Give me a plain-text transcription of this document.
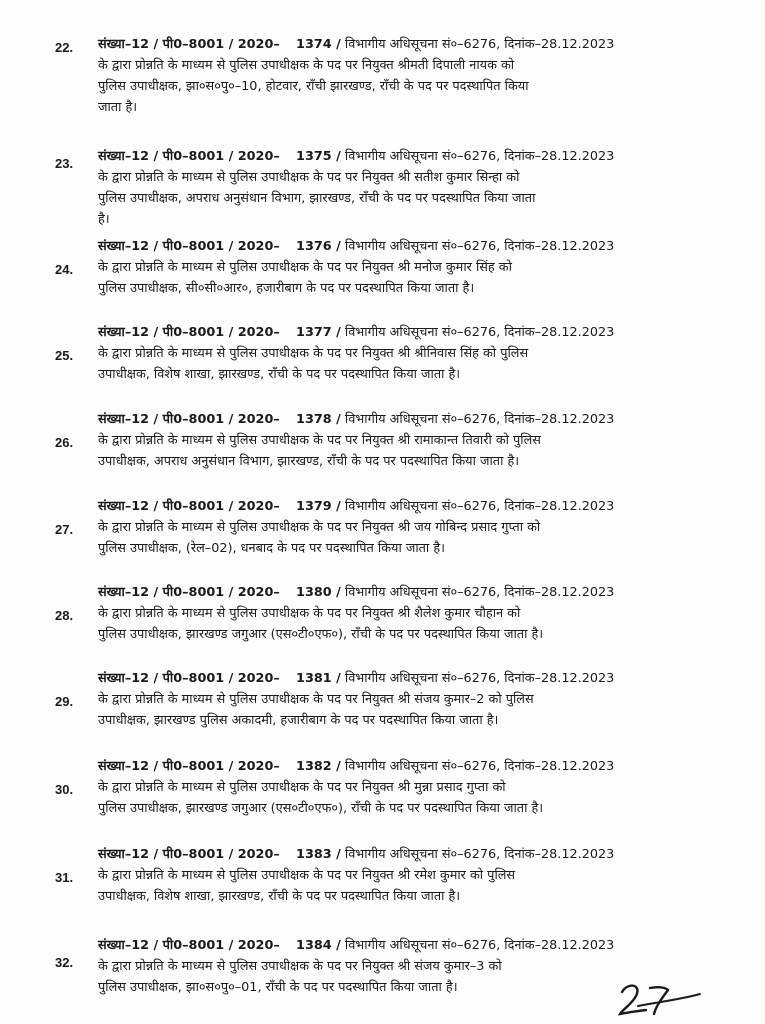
22. संख्या–12 / पी0–8001 / 2020– 1374 / विभागीय अधिसूचना सं०–6276, दिनांक–28.12.2023
के द्वारा प्रोन्नति के माध्यम से पुलिस उपाधीक्षक के पद पर नियुक्त श्रीमती दिपाली नायक को
पुलिस उपाधीक्षक, झा०स०पु०–10, होटवार, राँची झारखण्ड, राँची के पद पर पदस्थापित किया
जाता है।
23. संख्या–12 / पी0–8001 / 2020– 1375 / विभागीय अधिसूचना सं०–6276, दिनांक–28.12.2023
के द्वारा प्रोन्नति के माध्यम से पुलिस उपाधीक्षक के पद पर नियुक्त श्री सतीश कुमार सिन्हा को
पुलिस उपाधीक्षक, अपराध अनुसंधान विभाग, झारखण्ड, राँची के पद पर पदस्थापित किया जाता
है।
24.
संख्या–12 / पी0–8001 / 2020– 1376 / विभागीय अधिसूचना सं०–6276, दिनांक–28.12.2023
के द्वारा प्रोन्नति के माध्यम से पुलिस उपाधीक्षक के पद पर नियुक्त श्री मनोज कुमार सिंह को
पुलिस उपाधीक्षक, सी०सी०आर०, हजारीबाग के पद पर पदस्थापित किया जाता है।
25.
संख्या–12 / पी0–8001 / 2020– 1377 / विभागीय अधिसूचना सं०–6276, दिनांक–28.12.2023
के द्वारा प्रोन्नति के माध्यम से पुलिस उपाधीक्षक के पद पर नियुक्त श्री श्रीनिवास सिंह को पुलिस
उपाधीक्षक, विशेष शाखा, झारखण्ड, राँची के पद पर पदस्थापित किया जाता है।
26.
संख्या–12 / पी0–8001 / 2020– 1378 / विभागीय अधिसूचना सं०–6276, दिनांक–28.12.2023
के द्वारा प्रोन्नति के माध्यम से पुलिस उपाधीक्षक के पद पर नियुक्त श्री रामाकान्त तिवारी को पुलिस
उपाधीक्षक, अपराध अनुसंधान विभाग, झारखण्ड, राँची के पद पर पदस्थापित किया जाता है।
27.
संख्या–12 / पी0–8001 / 2020– 1379 / विभागीय अधिसूचना सं०–6276, दिनांक–28.12.2023
के द्वारा प्रोन्नति के माध्यम से पुलिस उपाधीक्षक के पद पर नियुक्त श्री जय गोबिन्द प्रसाद गुप्ता को
पुलिस उपाधीक्षक, (रेल–02), धनबाद के पद पर पदस्थापित किया जाता है।
28.
संख्या–12 / पी0–8001 / 2020– 1380 / विभागीय अधिसूचना सं०–6276, दिनांक–28.12.2023
के द्वारा प्रोन्नति के माध्यम से पुलिस उपाधीक्षक के पद पर नियुक्त श्री शैलेश कुमार चौहान को
पुलिस उपाधीक्षक, झारखण्ड जगुआर (एस०टी०एफ०), राँची के पद पर पदस्थापित किया जाता है।
29.
संख्या–12 / पी0–8001 / 2020– 1381 / विभागीय अधिसूचना सं०–6276, दिनांक–28.12.2023
के द्वारा प्रोन्नति के माध्यम से पुलिस उपाधीक्षक के पद पर नियुक्त श्री संजय कुमार–2 को पुलिस
उपाधीक्षक, झारखण्ड पुलिस अकादमी, हजारीबाग के पद पर पदस्थापित किया जाता है।
30.
संख्या–12 / पी0–8001 / 2020– 1382 / विभागीय अधिसूचना सं०–6276, दिनांक–28.12.2023
के द्वारा प्रोन्नति के माध्यम से पुलिस उपाधीक्षक के पद पर नियुक्त श्री मुन्ना प्रसाद गुप्ता को
पुलिस उपाधीक्षक, झारखण्ड जगुआर (एस०टी०एफ०), राँची के पद पर पदस्थापित किया जाता है।
31.
संख्या–12 / पी0–8001 / 2020– 1383 / विभागीय अधिसूचना सं०–6276, दिनांक–28.12.2023
के द्वारा प्रोन्नति के माध्यम से पुलिस उपाधीक्षक के पद पर नियुक्त श्री रमेश कुमार को पुलिस
उपाधीक्षक, विशेष शाखा, झारखण्ड, राँची के पद पर पदस्थापित किया जाता है।
32.
संख्या–12 / पी0–8001 / 2020– 1384 / विभागीय अधिसूचना सं०–6276, दिनांक–28.12.2023
के द्वारा प्रोन्नति के माध्यम से पुलिस उपाधीक्षक के पद पर नियुक्त श्री संजय कुमार–3 को
पुलिस उपाधीक्षक, झा०स०पु०–01, राँची के पद पर पदस्थापित किया जाता है।
